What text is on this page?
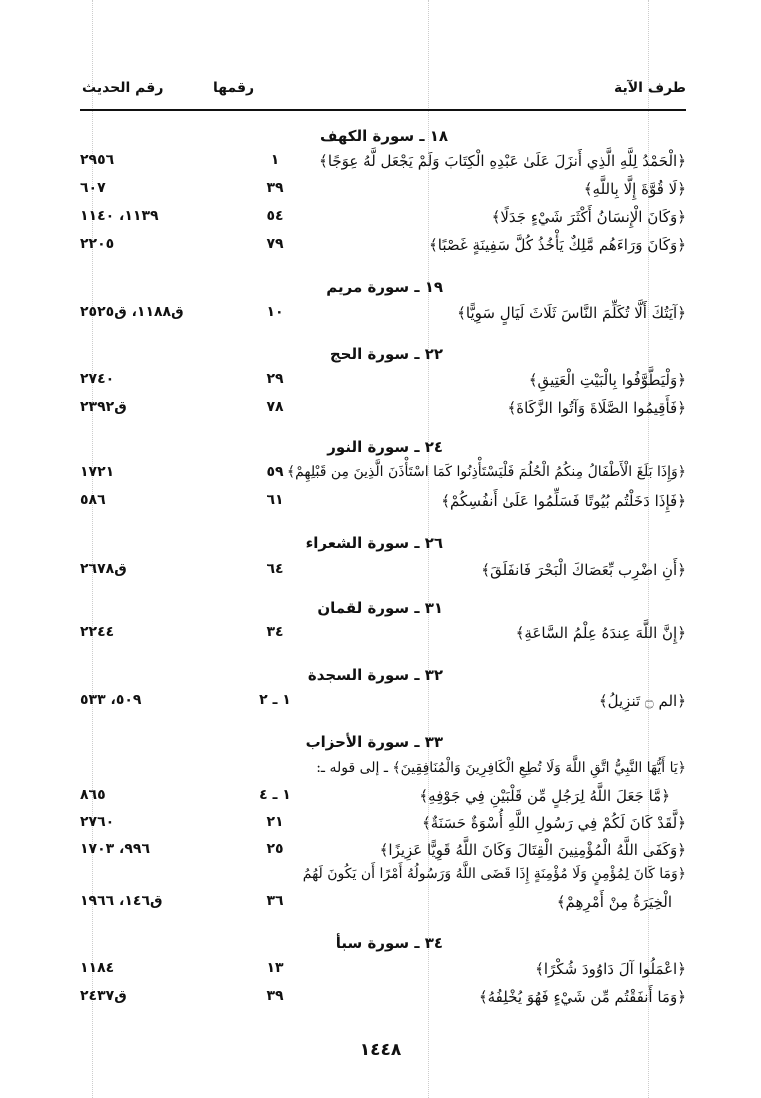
طرف الآية
رقمها
رقم الحديث
١٨ ـ سورة الكهف
﴿الْحَمْدُ لِلَّهِ الَّذِي أَنزَلَ عَلَىٰ عَبْدِهِ الْكِتَابَ وَلَمْ يَجْعَل لَّهُ عِوَجًا﴾
١
٢٩٥٦
﴿لَا قُوَّةَ إِلَّا بِاللَّهِ﴾
٣٩
٦٠٧
﴿وَكَانَ الْإِنسَانُ أَكْثَرَ شَيْءٍ جَدَلًا﴾
٥٤
١١٣٩، ١١٤٠
﴿وَكَانَ وَرَاءَهُم مَّلِكٌ يَأْخُذُ كُلَّ سَفِينَةٍ غَصْبًا﴾
٧٩
٢٢٠٥
١٩ ـ سورة مريم
﴿آيَتُكَ أَلَّا تُكَلِّمَ النَّاسَ ثَلَاثَ لَيَالٍ سَوِيًّا﴾
١٠
ق١١٨٨، ق٢٥٢٥
٢٢ ـ سورة الحج
﴿وَلْيَطَّوَّفُوا بِالْبَيْتِ الْعَتِيقِ﴾
٢٩
٢٧٤٠
﴿فَأَقِيمُوا الصَّلَاةَ وَآتُوا الزَّكَاةَ﴾
٧٨
ق٢٣٩٢
٢٤ ـ سورة النور
﴿وَإِذَا بَلَغَ الْأَطْفَالُ مِنكُمُ الْحُلُمَ فَلْيَسْتَأْذِنُوا كَمَا اسْتَأْذَنَ الَّذِينَ مِن قَبْلِهِمْ﴾
٥٩
١٧٢١
﴿فَإِذَا دَخَلْتُم بُيُوتًا فَسَلِّمُوا عَلَىٰ أَنفُسِكُمْ﴾
٦١
٥٨٦
٢٦ ـ سورة الشعراء
﴿أَنِ اضْرِب بِّعَصَاكَ الْبَحْرَ فَانفَلَقَ﴾
٦٤
ق٢٦٧٨
٣١ ـ سورة لقمان
﴿إِنَّ اللَّهَ عِندَهُ عِلْمُ السَّاعَةِ﴾
٣٤
٢٢٤٤
٣٢ ـ سورة السجدة
﴿الم ۝ تَنزِيلُ﴾
١ ـ ٢
٥٠٩، ٥٣٣
٣٣ ـ سورة الأحزاب
﴿يَا أَيُّهَا النَّبِيُّ اتَّقِ اللَّهَ وَلَا تُطِعِ الْكَافِرِينَ وَالْمُنَافِقِينَ﴾ ـ إلى قوله ـ:
﴿مَّا جَعَلَ اللَّهُ لِرَجُلٍ مِّن قَلْبَيْنِ فِي جَوْفِهِ﴾
١ ـ ٤
٨٦٥
﴿لَّقَدْ كَانَ لَكُمْ فِي رَسُولِ اللَّهِ أُسْوَةٌ حَسَنَةٌ﴾
٢١
٢٧٦٠
﴿وَكَفَى اللَّهُ الْمُؤْمِنِينَ الْقِتَالَ وَكَانَ اللَّهُ قَوِيًّا عَزِيزًا﴾
٢٥
٩٩٦، ١٧٠٣
﴿وَمَا كَانَ لِمُؤْمِنٍ وَلَا مُؤْمِنَةٍ إِذَا قَضَى اللَّهُ وَرَسُولُهُ أَمْرًا أَن يَكُونَ لَهُمُ
الْخِيَرَةُ مِنْ أَمْرِهِمْ﴾
٣٦
ق١٤٦، ١٩٦٦
٣٤ ـ سورة سبأ
﴿اعْمَلُوا آلَ دَاوُودَ شُكْرًا﴾
١٣
١١٨٤
﴿وَمَا أَنفَقْتُم مِّن شَيْءٍ فَهُوَ يُخْلِفُهُ﴾
٣٩
ق٢٤٣٧
١٤٤٨
